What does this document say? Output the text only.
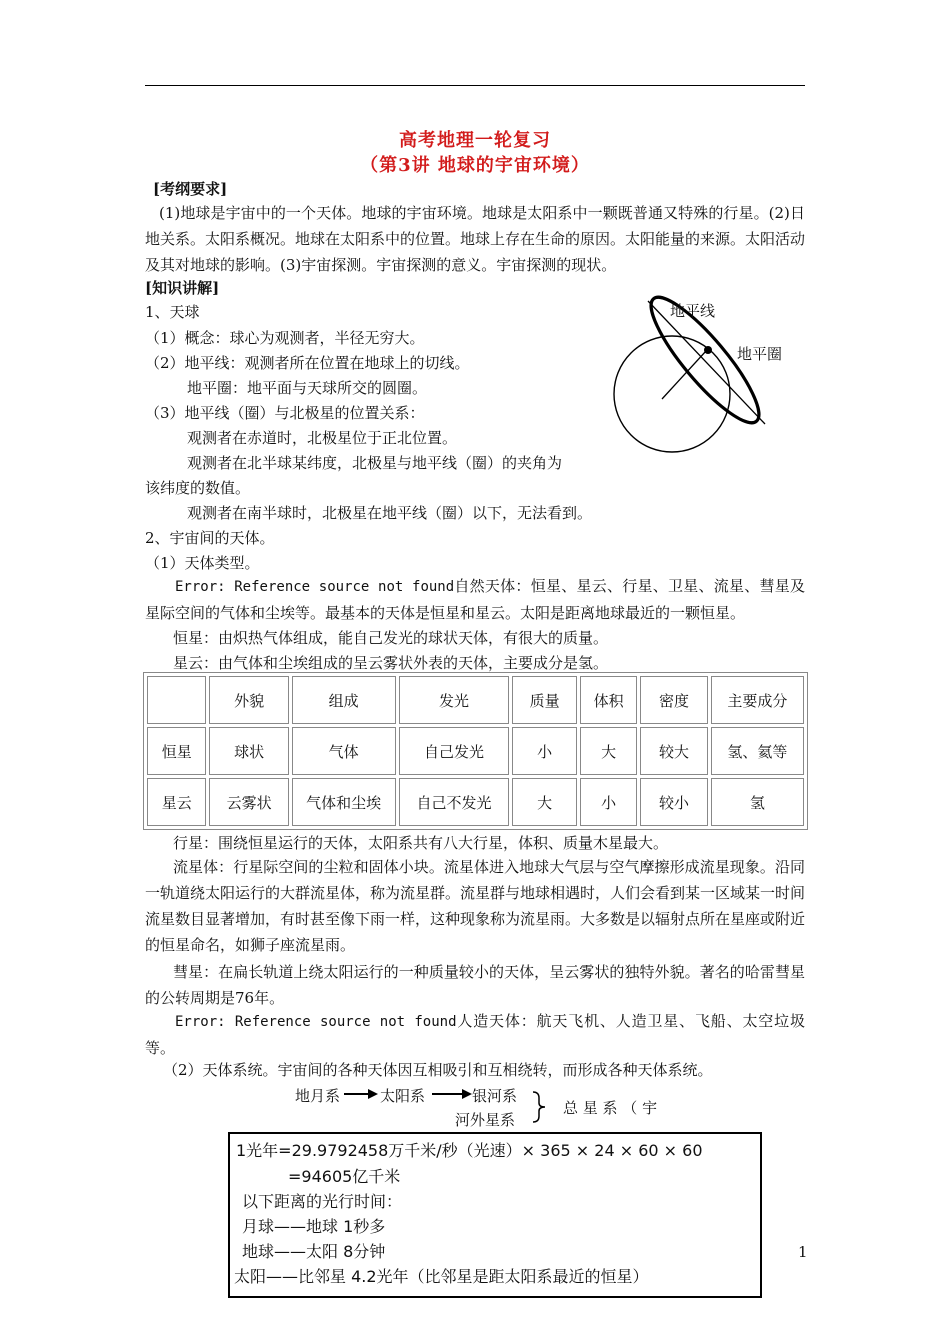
高考地理一轮复习
（第3讲 地球的宇宙环境）
[考纲要求]
(1)地球是宇宙中的一个天体。地球的宇宙环境。地球是太阳系中一颗既普通又特殊的行星。(2)日地关系。太阳系概况。地球在太阳系中的位置。地球上存在生命的原因。太阳能量的来源。太阳活动及其对地球的影响。(3)宇宙探测。宇宙探测的意义。宇宙探测的现状。
[知识讲解]
1、天球
（1）概念：球心为观测者，半径无穷大。
（2）地平线：观测者所在位置在地球上的切线。
地平圈：地平面与天球所交的圆圈。
（3）地平线（圈）与北极星的位置关系：
观测者在赤道时，北极星位于正北位置。
观测者在北半球某纬度，北极星与地平线（圈）的夹角为
该纬度的数值。
观测者在南半球时，北极星在地平线（圈）以下，无法看到。
地平线
地平圈
2、宇宙间的天体。
（1）天体类型。
Error: Reference source not found自然天体：恒星、星云、行星、卫星、流星、彗星及星际空间的气体和尘埃等。最基本的天体是恒星和星云。太阳是距离地球最近的一颗恒星。
恒星：由炽热气体组成，能自己发光的球状天体，有很大的质量。
星云：由气体和尘埃组成的呈云雾状外表的天体，主要成分是氢。
	外貌	组成	发光	质量	体积	密度	主要成分
恒星	球状	气体	自己发光	小	大	较大	氢、氦等
星云	云雾状	气体和尘埃	自己不发光	大	小	较小	氢
行星：围绕恒星运行的天体，太阳系共有八大行星，体积、质量木星最大。
流星体：行星际空间的尘粒和固体小块。流星体进入地球大气层与空气摩擦形成流星现象。沿同一轨道绕太阳运行的大群流星体，称为流星群。流星群与地球相遇时，人们会看到某一区域某一时间流星数目显著增加，有时甚至像下雨一样，这种现象称为流星雨。大多数是以辐射点所在星座或附近的恒星命名，如狮子座流星雨。
彗星：在扁长轨道上绕太阳运行的一种质量较小的天体，呈云雾状的独特外貌。著名的哈雷彗星的公转周期是76年。
Error: Reference source not found人造天体：航天飞机、人造卫星、飞船、太空垃圾等。
（2）天体系统。宇宙间的各种天体因互相吸引和互相绕转，而形成各种天体系统。
地月系	太阳系	银河系
河外星系
总 星 系 （ 宇
1光年=29.9792458万千米/秒（光速）× 365 × 24 × 60 × 60
=94605亿千米
以下距离的光行时间：
月球——地球 1秒多
地球——太阳 8分钟
太阳——比邻星 4.2光年（比邻星是距太阳系最近的恒星）
1
